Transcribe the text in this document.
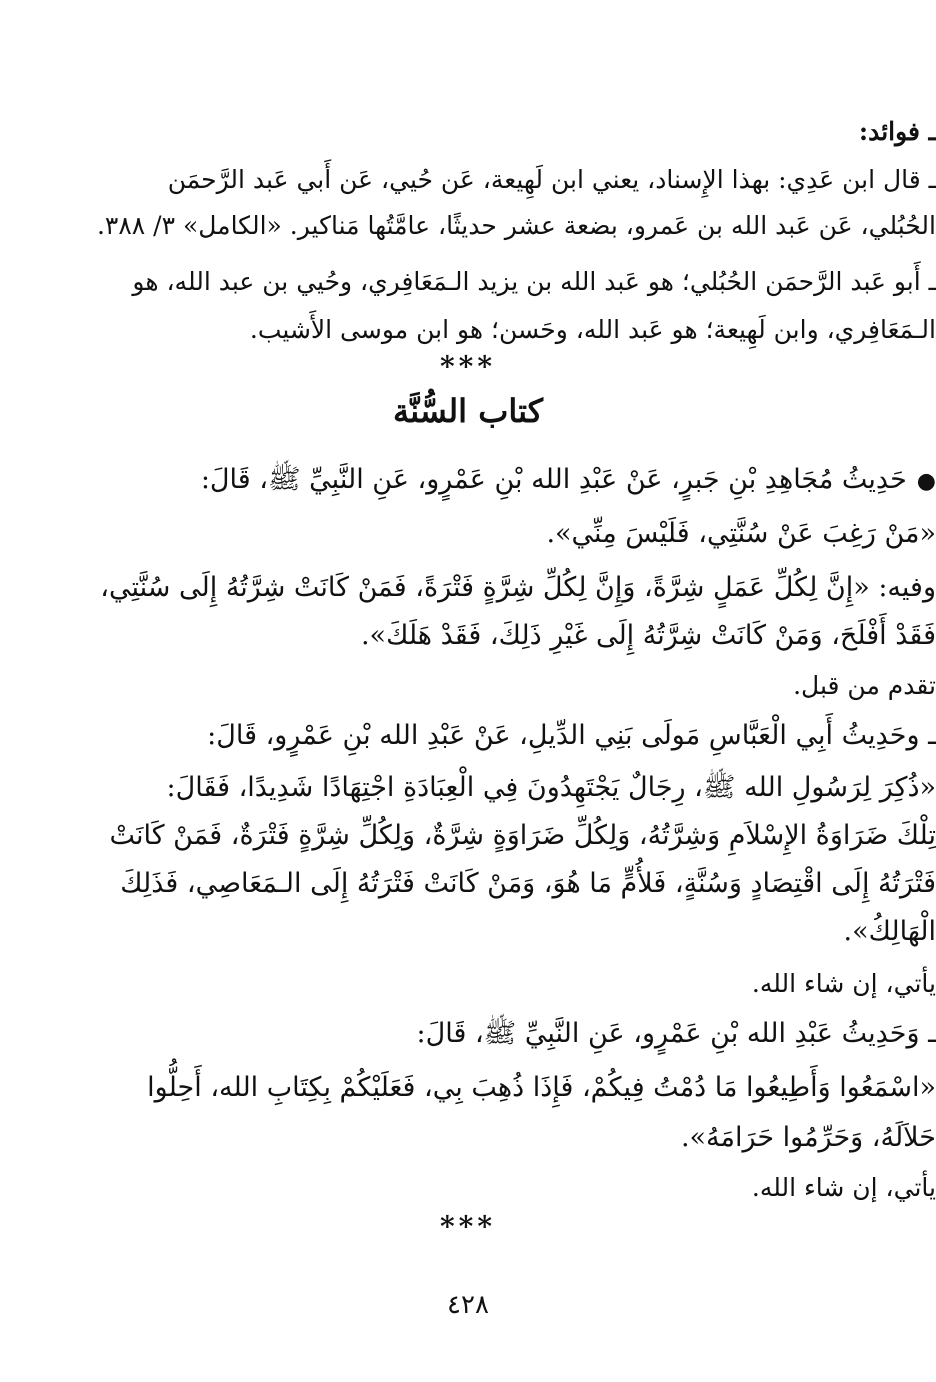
ـ فوائد:
ـ قال ابن عَدِي: بهذا الإِسناد، يعني ابن لَهِيعة، عَن حُيي، عَن أَبي عَبد الرَّحمَن
الحُبُلي، عَن عَبد الله بن عَمرو، بضعة عشر حديثًا، عامَّتُها مَناكير. «الكامل» ٣/ ٣٨٨.
ـ أَبو عَبد الرَّحمَن الحُبُلي؛ هو عَبد الله بن يزيد الـمَعَافِري، وحُيي بن عبد الله، هو
الـمَعَافِري، وابن لَهِيعة؛ هو عَبد الله، وحَسن؛ هو ابن موسى الأَشيب.
***
كتاب السُّنَّة
●حَدِيثُ مُجَاهِدِ بْنِ جَبرٍ، عَنْ عَبْدِ الله بْنِ عَمْرٍو، عَنِ النَّبِيِّ ﷺ، قَالَ:
«مَنْ رَغِبَ عَنْ سُنَّتِي، فَلَيْسَ مِنِّي».
وفيه: «إِنَّ لِكُلِّ عَمَلٍ شِرَّةً، وَإِنَّ لِكُلِّ شِرَّةٍ فَتْرَةً، فَمَنْ كَانَتْ شِرَّتُهُ إِلَى سُنَّتِي،
فَقَدْ أَفْلَحَ، وَمَنْ كَانَتْ شِرَّتُهُ إِلَى غَيْرِ ذَلِكَ، فَقَدْ هَلَكَ».
تقدم من قبل.
ـ وحَدِيثُ أَبِي الْعَبَّاسِ مَولَى بَنِي الدِّيلِ، عَنْ عَبْدِ الله بْنِ عَمْرٍو، قَالَ:
«ذُكِرَ لِرَسُولِ الله ﷺ، رِجَالٌ يَجْتَهِدُونَ فِي الْعِبَادَةِ اجْتِهَادًا شَدِيدًا، فَقَالَ:
تِلْكَ ضَرَاوَةُ الإِسْلاَمِ وَشِرَّتُهُ، وَلِكُلِّ ضَرَاوَةٍ شِرَّةٌ، وَلِكُلِّ شِرَّةٍ فَتْرَةٌ، فَمَنْ كَانَتْ
فَتْرَتُهُ إِلَى اقْتِصَادٍ وَسُنَّةٍ، فَلأُمٍّ مَا هُوَ، وَمَنْ كَانَتْ فَتْرَتُهُ إِلَى الـمَعَاصِي، فَذَلِكَ
الْهَالِكُ».
يأتي، إن شاء الله.
ـ وَحَدِيثُ عَبْدِ الله بْنِ عَمْرٍو، عَنِ النَّبِيِّ ﷺ، قَالَ:
«اسْمَعُوا وَأَطِيعُوا مَا دُمْتُ فِيكُمْ، فَإِذَا ذُهِبَ بِي، فَعَلَيْكُمْ بِكِتَابِ الله، أَحِلُّوا
حَلاَلَهُ، وَحَرِّمُوا حَرَامَهُ».
يأتي، إن شاء الله.
***
٤٢٨
